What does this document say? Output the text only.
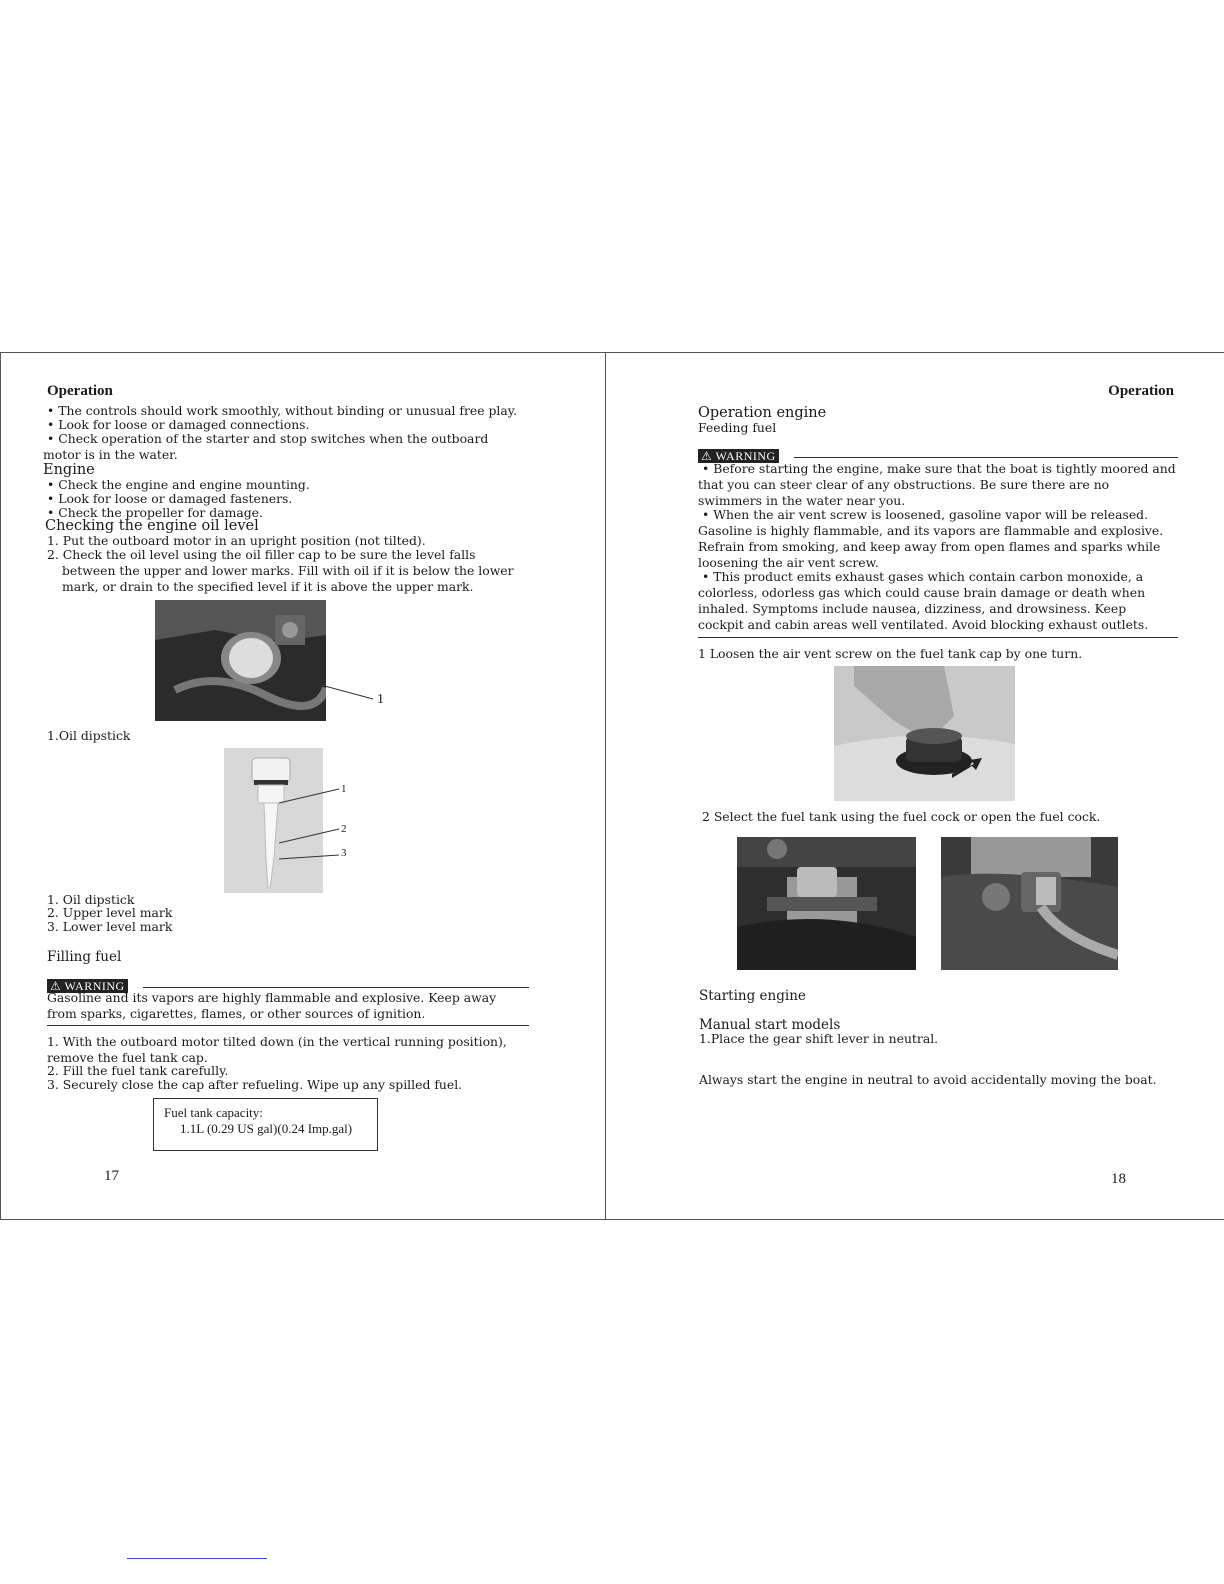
Operation

• The controls should work smoothly, without binding or unusual free play.

• Look for loose or damaged connections.

• Check operation of the starter and stop switches when the outboard

motor is in the water.

Engine

• Check the engine and engine mounting.

• Look for loose or damaged fasteners.

• Check the propeller for damage.

Checking the engine oil level

1. Put the outboard motor in an upright position (not tilted).

2. Check the oil level using the oil filler cap to be sure the level falls

between the upper and lower marks. Fill with oil if it is below the lower

mark, or drain to the specified level if it is above the upper mark.

1

1.Oil dipstick

1
2
3

1. Oil dipstick

2. Upper level mark

3. Lower level mark

Filling fuel

⚠ WARNING

Gasoline and its vapors are highly flammable and explosive. Keep away

from sparks, cigarettes, flames, or other sources of ignition.

1. With the outboard motor tilted down (in the vertical running position),

remove the fuel tank cap.

2. Fill the fuel tank carefully.

3. Securely close the cap after refueling. Wipe up any spilled fuel.

Fuel tank capacity:
1.1L (0.29 US gal)(0.24 Imp.gal)

17

Operation

Operation engine

Feeding fuel

⚠ WARNING

• Before starting the engine, make sure that the boat is tightly moored and

that you can steer clear of any obstructions. Be sure there are no

swimmers in the water near you.

• When the air vent screw is loosened, gasoline vapor will be released.

Gasoline is highly flammable, and its vapors are flammable and explosive.

Refrain from smoking, and keep away from open flames and sparks while

loosening the air vent screw.

• This product emits exhaust gases which contain carbon monoxide, a

colorless, odorless gas which could cause brain damage or death when

inhaled. Symptoms include nausea, dizziness, and drowsiness. Keep

cockpit and cabin areas well ventilated. Avoid blocking exhaust outlets.

1 Loosen the air vent screw on the fuel tank cap by one turn.

2 Select the fuel tank using the fuel cock or open the fuel cock.

Starting engine

Manual start models

1.Place the gear shift lever in neutral.

Always start the engine in neutral to avoid accidentally moving the boat.

18
